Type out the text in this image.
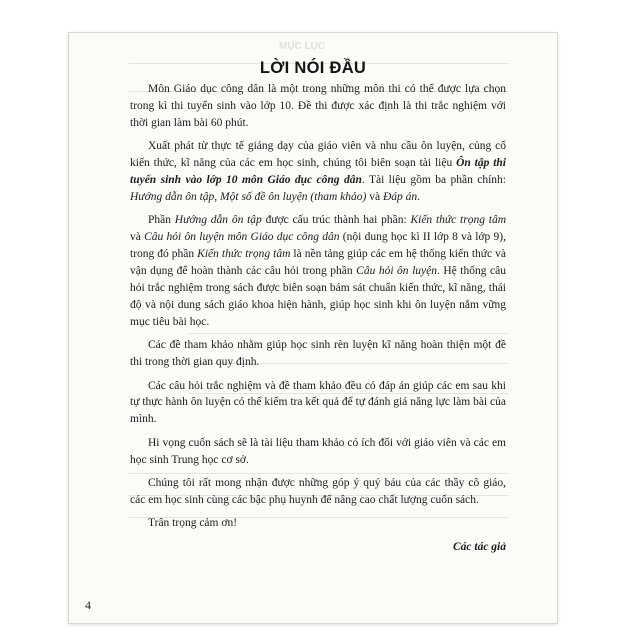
MỤC LỤC
LỜI NÓI ĐẦU

Môn Giáo dục công dân là một trong những môn thi có thể được lựa chọn trong kì thi tuyển sinh vào lớp 10. Đề thi được xác định là thi trắc nghiệm với thời gian làm bài 60 phút.

Xuất phát từ thực tế giảng dạy của giáo viên và nhu cầu ôn luyện, củng cố kiến thức, kĩ năng của các em học sinh, chúng tôi biên soạn tài liệu Ôn tập thi tuyển sinh vào lớp 10 môn Giáo dục công dân. Tài liệu gồm ba phần chính: Hướng dẫn ôn tập, Một số đề ôn luyện (tham khảo) và Đáp án.

Phần Hướng dẫn ôn tập được cấu trúc thành hai phần: Kiến thức trọng tâm và Câu hỏi ôn luyện môn Giáo dục công dân (nội dung học kì II lớp 8 và lớp 9), trong đó phần Kiến thức trọng tâm là nền tảng giúp các em hệ thống kiến thức và vận dụng để hoàn thành các câu hỏi trong phần Câu hỏi ôn luyện. Hệ thống câu hỏi trắc nghiệm trong sách được biên soạn bám sát chuẩn kiến thức, kĩ năng, thái độ và nội dung sách giáo khoa hiện hành, giúp học sinh khi ôn luyện nắm vững mục tiêu bài học.

Các đề tham khảo nhằm giúp học sinh rèn luyện kĩ năng hoàn thiện một đề thi trong thời gian quy định.

Các câu hỏi trắc nghiệm và đề tham khảo đều có đáp án giúp các em sau khi tự thực hành ôn luyện có thể kiểm tra kết quả để tự đánh giá năng lực làm bài của mình.

Hi vọng cuốn sách sẽ là tài liệu tham khảo có ích đối với giáo viên và các em học sinh Trung học cơ sở.

Chúng tôi rất mong nhận được những góp ý quý báu của các thầy cô giáo, các em học sinh cùng các bậc phụ huynh để nâng cao chất lượng cuốn sách.

Trân trọng cảm ơn!

Các tác giả

4
